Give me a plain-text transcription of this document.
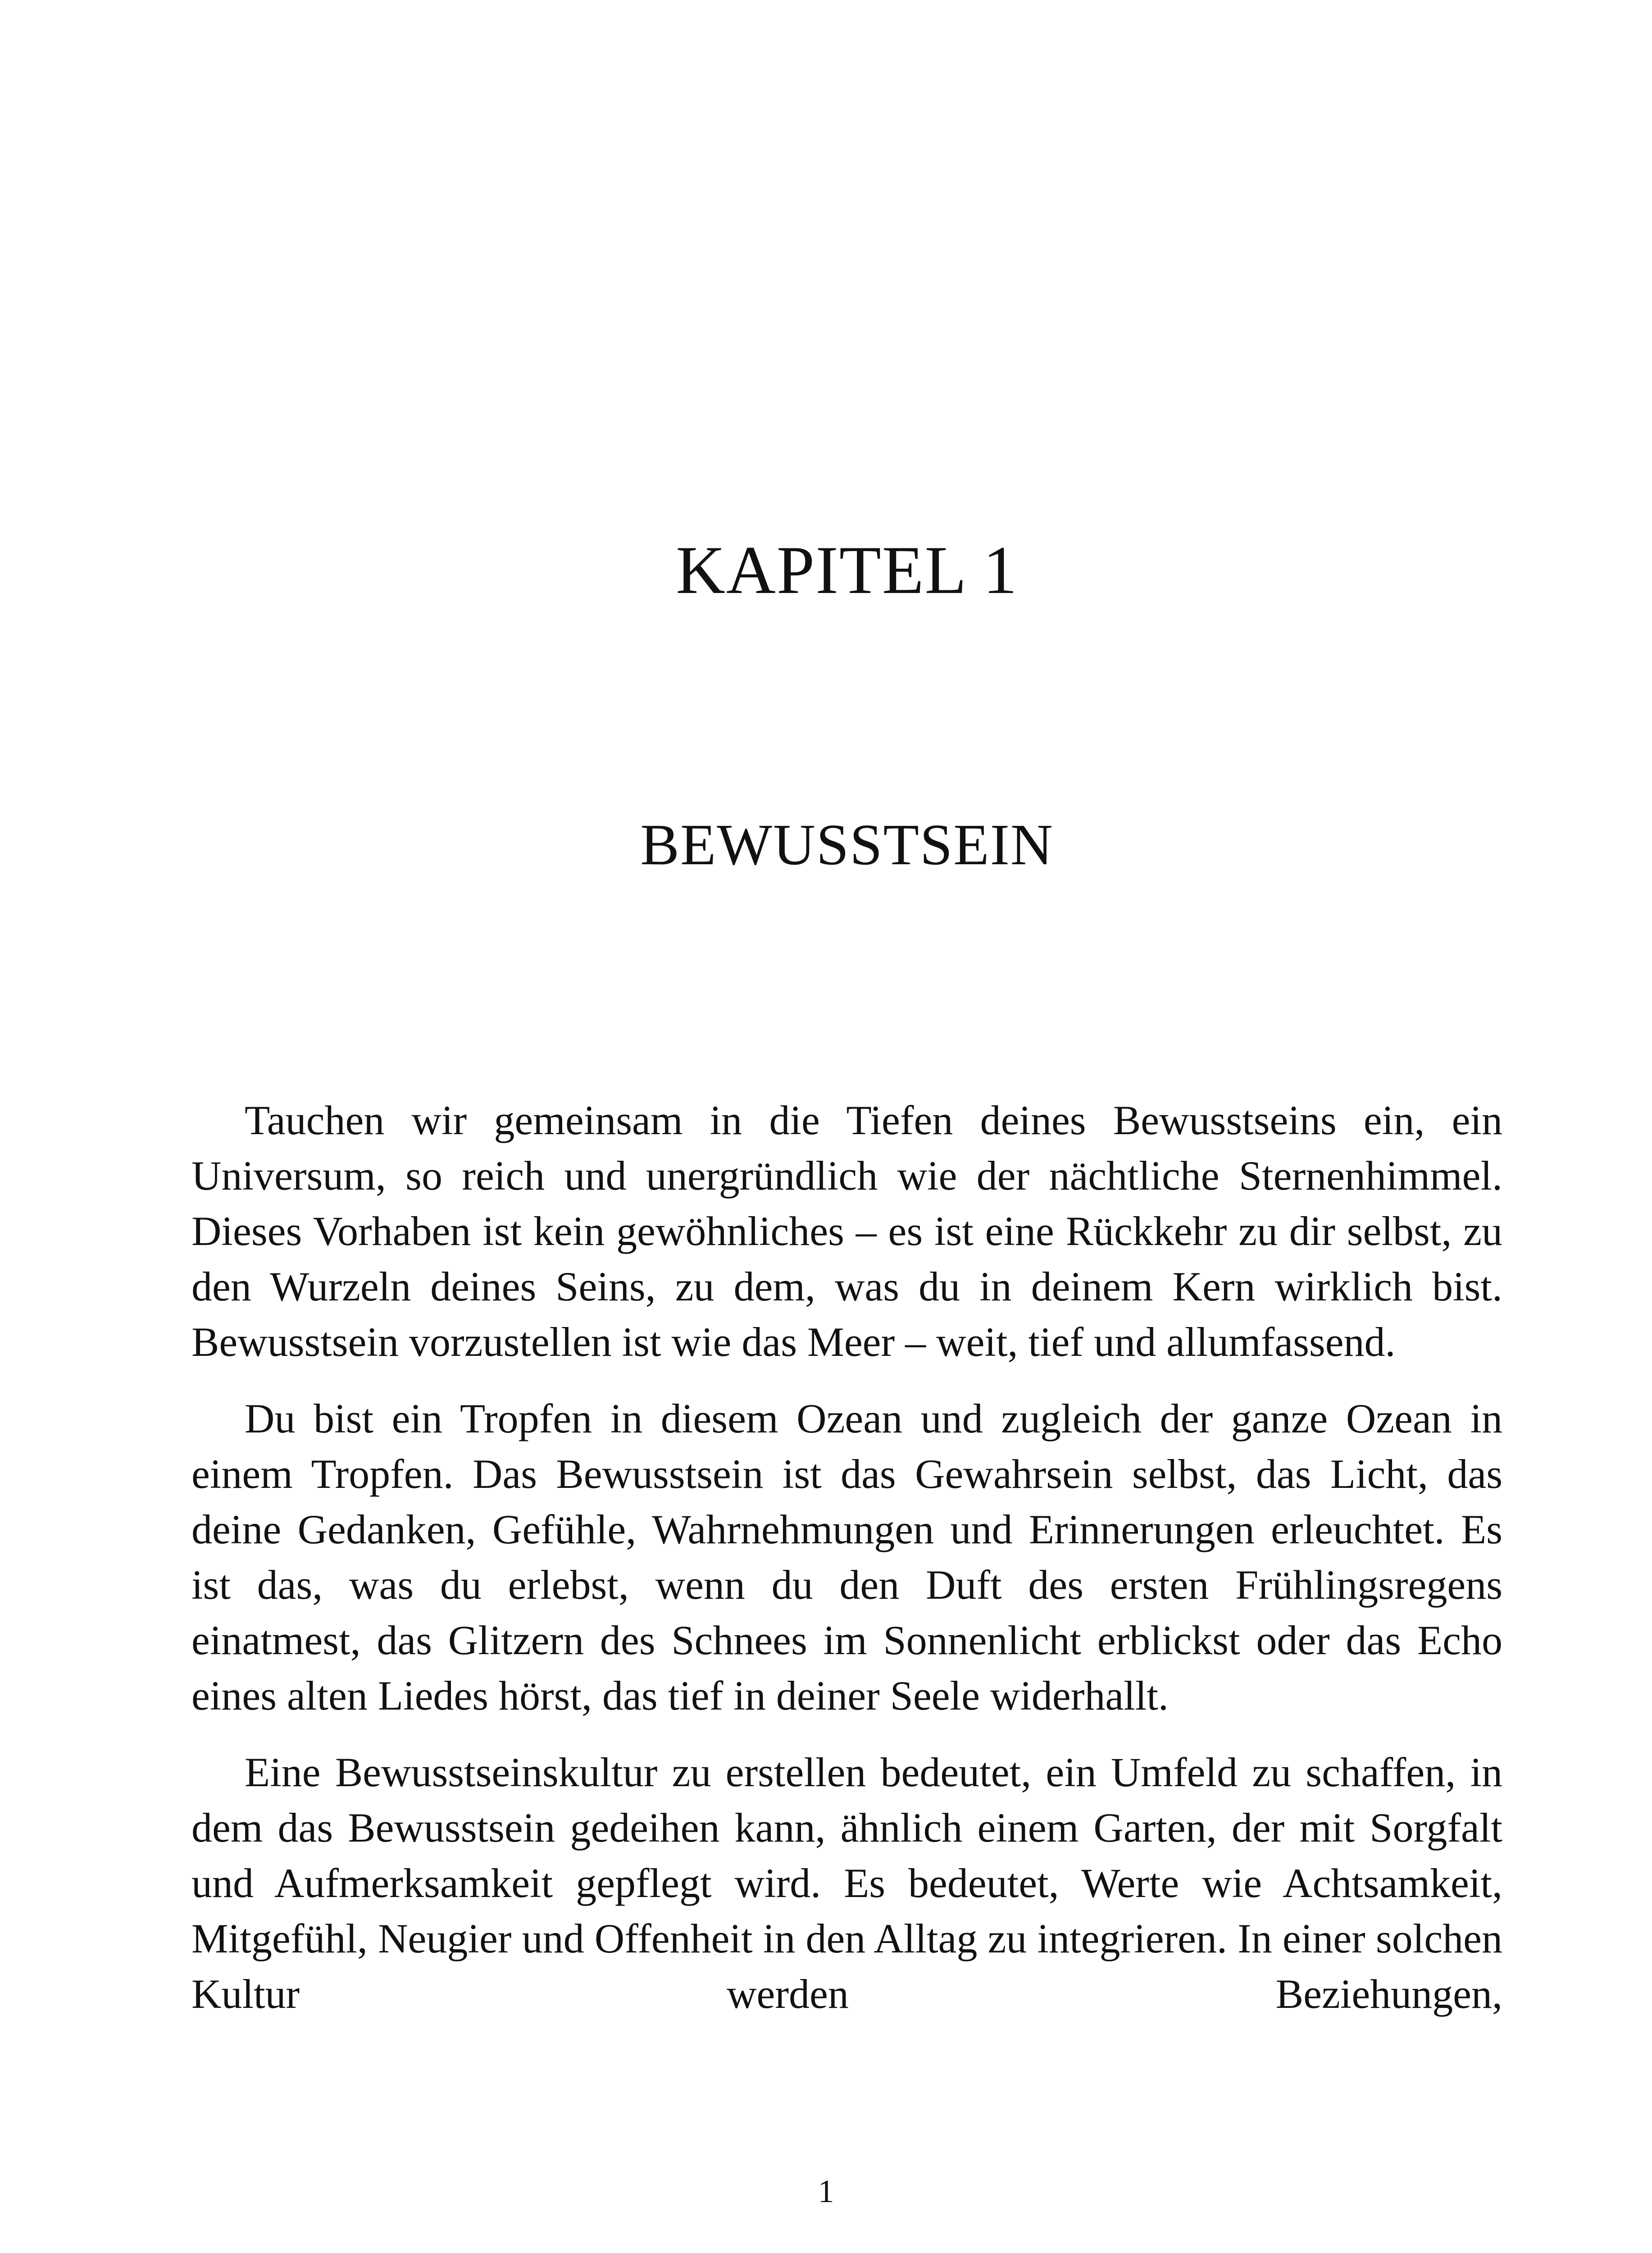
KAPITEL 1
BEWUSSTSEIN

Tauchen wir gemeinsam in die Tiefen deines Bewusstseins ein, ein Universum, so reich und unergründlich wie der nächtliche Sternenhimmel. Dieses Vorhaben ist kein gewöhnliches – es ist eine Rückkehr zu dir selbst, zu den Wurzeln deines Seins, zu dem, was du in deinem Kern wirklich bist. Bewusstsein vorzustellen ist wie das Meer – weit, tief und allumfassend.

Du bist ein Tropfen in diesem Ozean und zugleich der ganze Ozean in einem Tropfen. Das Bewusstsein ist das Gewahrsein selbst, das Licht, das deine Gedanken, Gefühle, Wahrnehmungen und Erinnerungen erleuchtet. Es ist das, was du erlebst, wenn du den Duft des ersten Frühlingsregens einatmest, das Glitzern des Schnees im Sonnenlicht erblickst oder das Echo eines alten Liedes hörst, das tief in deiner Seele widerhallt.

Eine Bewusstseinskultur zu erstellen bedeutet, ein Umfeld zu schaffen, in dem das Bewusstsein gedeihen kann, ähnlich einem Garten, der mit Sorgfalt und Aufmerksamkeit gepflegt wird. Es bedeutet, Werte wie Achtsamkeit, Mitgefühl, Neugier und Offenheit in den Alltag zu integrieren. In einer solchen Kultur werden Beziehungen,

1
